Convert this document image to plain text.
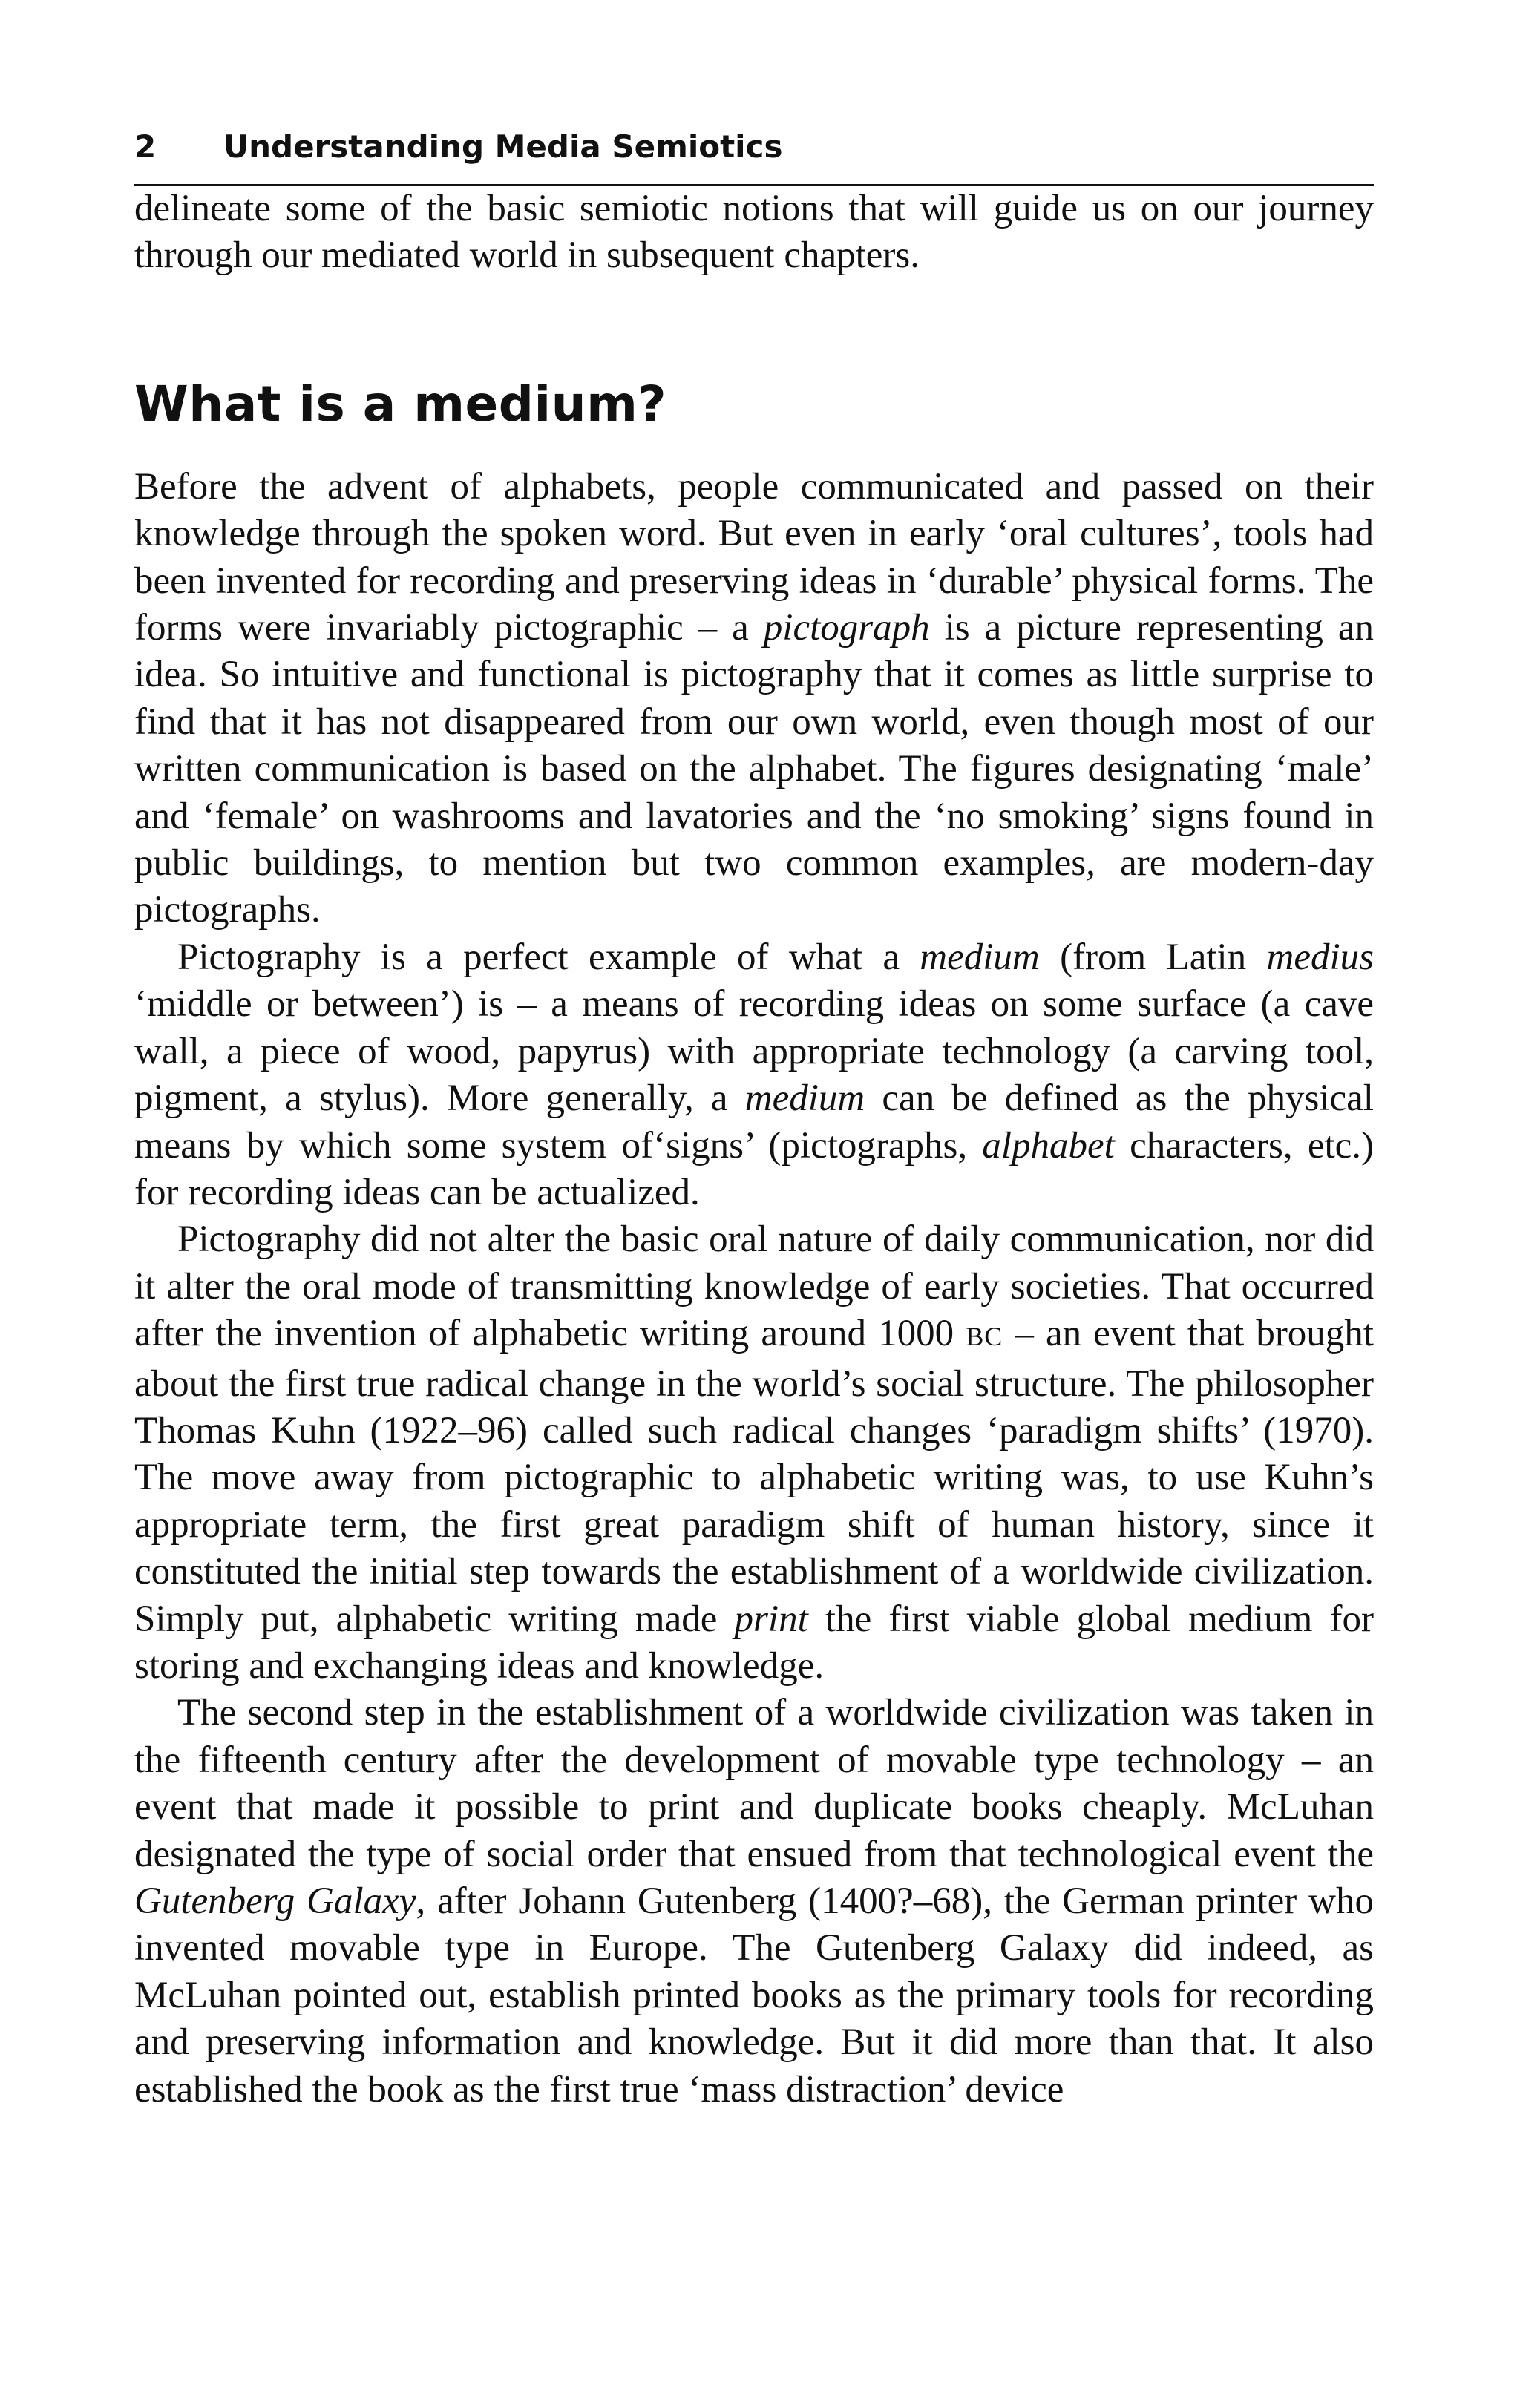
2 Understanding Media Semiotics

delineate some of the basic semiotic notions that will guide us on our journey through our mediated world in subsequent chapters.

What is a medium?

Before the advent of alphabets, people communicated and passed on their knowledge through the spoken word. But even in early ‘oral cultures’, tools had been invented for recording and preserving ideas in ‘durable’ physical forms. The forms were invariably pictographic – a pictograph is a picture representing an idea. So intuitive and functional is pictography that it comes as little surprise to find that it has not disappeared from our own world, even though most of our written communication is based on the alphabet. The figures designating ‘male’ and ‘female’ on washrooms and lavatories and the ‘no smoking’ signs found in public buildings, to mention but two common examples, are modern-day pictographs.

Pictography is a perfect example of what a medium (from Latin medius ‘middle or between’) is – a means of recording ideas on some surface (a cave wall, a piece of wood, papyrus) with appropriate technology (a carving tool, pigment, a stylus). More generally, a medium can be defined as the physical means by which some system of‘signs’ (pictographs, alphabet characters, etc.) for recording ideas can be actualized.

Pictography did not alter the basic oral nature of daily communication, nor did it alter the oral mode of transmitting knowledge of early societies. That occurred after the invention of alphabetic writing around 1000 BC – an event that brought about the first true radical change in the world’s social structure. The philosopher Thomas Kuhn (1922–96) called such radical changes ‘paradigm shifts’ (1970). The move away from pictographic to alphabetic writing was, to use Kuhn’s appropriate term, the first great paradigm shift of human history, since it constituted the initial step towards the establishment of a worldwide civilization. Simply put, alphabetic writing made print the first viable global medium for storing and exchanging ideas and knowledge.

The second step in the establishment of a worldwide civilization was taken in the fifteenth century after the development of movable type technology – an event that made it possible to print and duplicate books cheaply. McLuhan designated the type of social order that ensued from that technological event the Gutenberg Galaxy, after Johann Gutenberg (1400?–68), the German printer who invented movable type in Europe. The Gutenberg Galaxy did indeed, as McLuhan pointed out, establish printed books as the primary tools for recording and preserving information and knowledge. But it did more than that. It also established the book as the first true ‘mass distraction’ device
